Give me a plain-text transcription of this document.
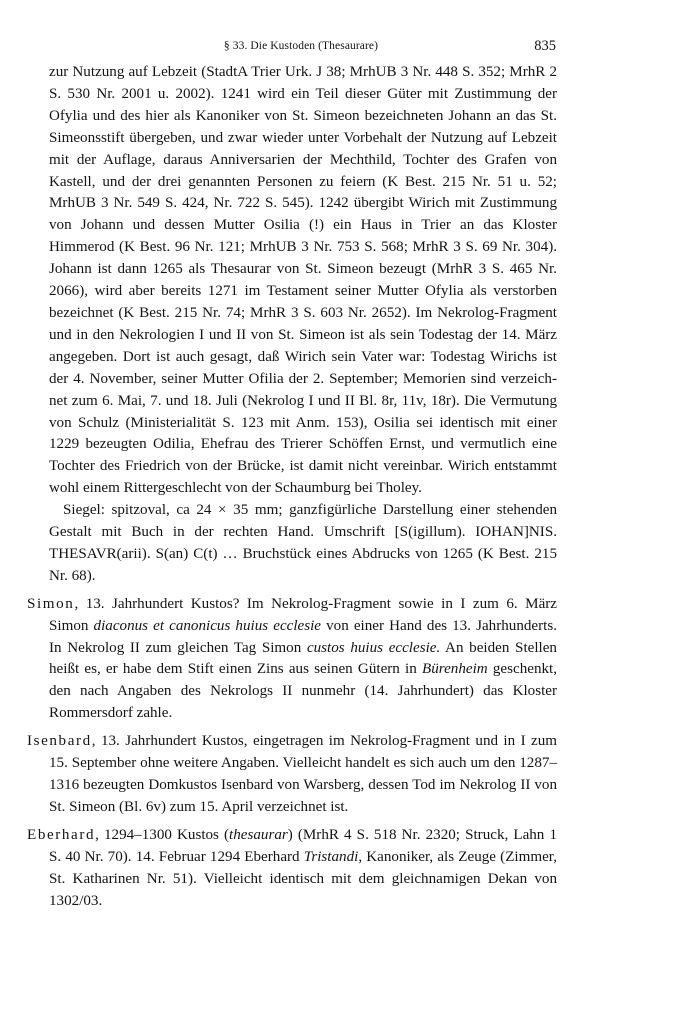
§ 33. Die Kustoden (Thesaurare)	835

zur Nutzung auf Lebzeit (StadtA Trier Urk. J 38; MrhUB 3 Nr. 448 S. 352; MrhR 2 S. 530 Nr. 2001 u. 2002). 1241 wird ein Teil dieser Güter mit Zustimmung der Ofylia und des hier als Kanoniker von St. Simeon bezeichneten Johann an das St. Simeonsstift übergeben, und zwar wieder unter Vorbehalt der Nutzung auf Lebzeit mit der Auflage, daraus Anniversarien der Mechthild, Tochter des Grafen von Kastell, und der drei genannten Personen zu feiern (K Best. 215 Nr. 51 u. 52; MrhUB 3 Nr. 549 S. 424, Nr. 722 S. 545). 1242 übergibt Wirich mit Zustimmung von Johann und dessen Mutter Osilia (!) ein Haus in Trier an das Kloster Himmerod (K Best. 96 Nr. 121; MrhUB 3 Nr. 753 S. 568; MrhR 3 S. 69 Nr. 304). Johann ist dann 1265 als Thesaurar von St. Simeon bezeugt (MrhR 3 S. 465 Nr. 2066), wird aber bereits 1271 im Testament seiner Mutter Ofylia als verstorben bezeichnet (K Best. 215 Nr. 74; MrhR 3 S. 603 Nr. 2652). Im Nekrolog-Fragment und in den Nekrologien I und II von St. Simeon ist als sein Todestag der 14. März angegeben. Dort ist auch gesagt, daß Wirich sein Vater war: Todestag Wirichs ist der 4. November, seiner Mutter Ofilia der 2. September; Memorien sind verzeichnet zum 6. Mai, 7. und 18. Juli (Nekrolog I und II Bl. 8r, 11v, 18r). Die Vermutung von Schulz (Ministerialität S. 123 mit Anm. 153), Osilia sei identisch mit einer 1229 bezeugten Odilia, Ehefrau des Trierer Schöffen Ernst, und vermutlich eine Tochter des Friedrich von der Brücke, ist damit nicht vereinbar. Wirich entstammt wohl einem Rittergeschlecht von der Schaumburg bei Tholey.

Siegel: spitzoval, ca 24 × 35 mm; ganzfigürliche Darstellung einer stehenden Gestalt mit Buch in der rechten Hand. Umschrift [S(igillum). IOHAN]NIS. THESAVR(arii). S(an) C(t) … Bruchstück eines Abdrucks von 1265 (K Best. 215 Nr. 68).

Simon, 13. Jahrhundert Kustos? Im Nekrolog-Fragment sowie in I zum 6. März Simon diaconus et canonicus huius ecclesie von einer Hand des 13. Jahrhunderts. In Nekrolog II zum gleichen Tag Simon custos huius ecclesie. An beiden Stellen heißt es, er habe dem Stift einen Zins aus seinen Gütern in Bürenheim geschenkt, den nach Angaben des Nekrologs II nunmehr (14. Jahrhundert) das Kloster Rommersdorf zahle.

Isenbard, 13. Jahrhundert Kustos, eingetragen im Nekrolog-Fragment und in I zum 15. September ohne weitere Angaben. Vielleicht handelt es sich auch um den 1287–1316 bezeugten Domkustos Isenbard von Warsberg, dessen Tod im Nekrolog II von St. Simeon (Bl. 6v) zum 15. April verzeichnet ist.

Eberhard, 1294–1300 Kustos (thesaurar) (MrhR 4 S. 518 Nr. 2320; Struck, Lahn 1 S. 40 Nr. 70). 14. Februar 1294 Eberhard Tristandi, Kanoniker, als Zeuge (Zimmer, St. Katharinen Nr. 51). Vielleicht identisch mit dem gleichnamigen Dekan von 1302/03.
